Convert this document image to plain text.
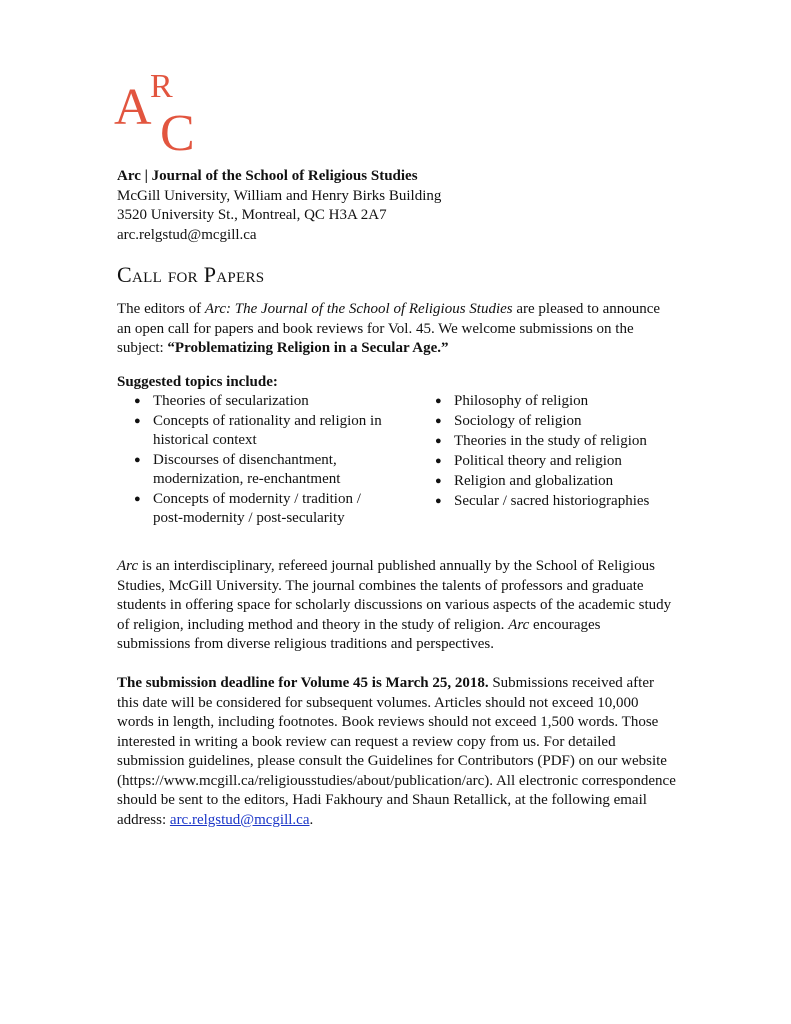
A
R
C
Arc | Journal of the School of Religious Studies
McGill University, William and Henry Birks Building
3520 University St., Montreal, QC H3A 2A7
arc.relgstud@mcgill.ca
Call for Papers
The editors of Arc: The Journal of the School of Religious Studies are pleased to announce an open call for papers and book reviews for Vol. 45. We welcome submissions on the subject: “Problematizing Religion in a Secular Age.”
Suggested topics include:
● Theories of secularization
● Concepts of rationality and religion in historical context
● Discourses of disenchantment, modernization, re-enchantment
● Concepts of modernity / tradition / post-modernity / post-secularity
● Philosophy of religion
● Sociology of religion
● Theories in the study of religion
● Political theory and religion
● Religion and globalization
● Secular / sacred historiographies
Arc is an interdisciplinary, refereed journal published annually by the School of Religious Studies, McGill University. The journal combines the talents of professors and graduate students in offering space for scholarly discussions on various aspects of the academic study of religion, including method and theory in the study of religion. Arc encourages submissions from diverse religious traditions and perspectives.
The submission deadline for Volume 45 is March 25, 2018. Submissions received after this date will be considered for subsequent volumes. Articles should not exceed 10,000 words in length, including footnotes. Book reviews should not exceed 1,500 words. Those interested in writing a book review can request a review copy from us. For detailed submission guidelines, please consult the Guidelines for Contributors (PDF) on our website (https://www.mcgill.ca/religiousstudies/about/publication/arc). All electronic correspondence should be sent to the editors, Hadi Fakhoury and Shaun Retallick, at the following email address: arc.relgstud@mcgill.ca.
